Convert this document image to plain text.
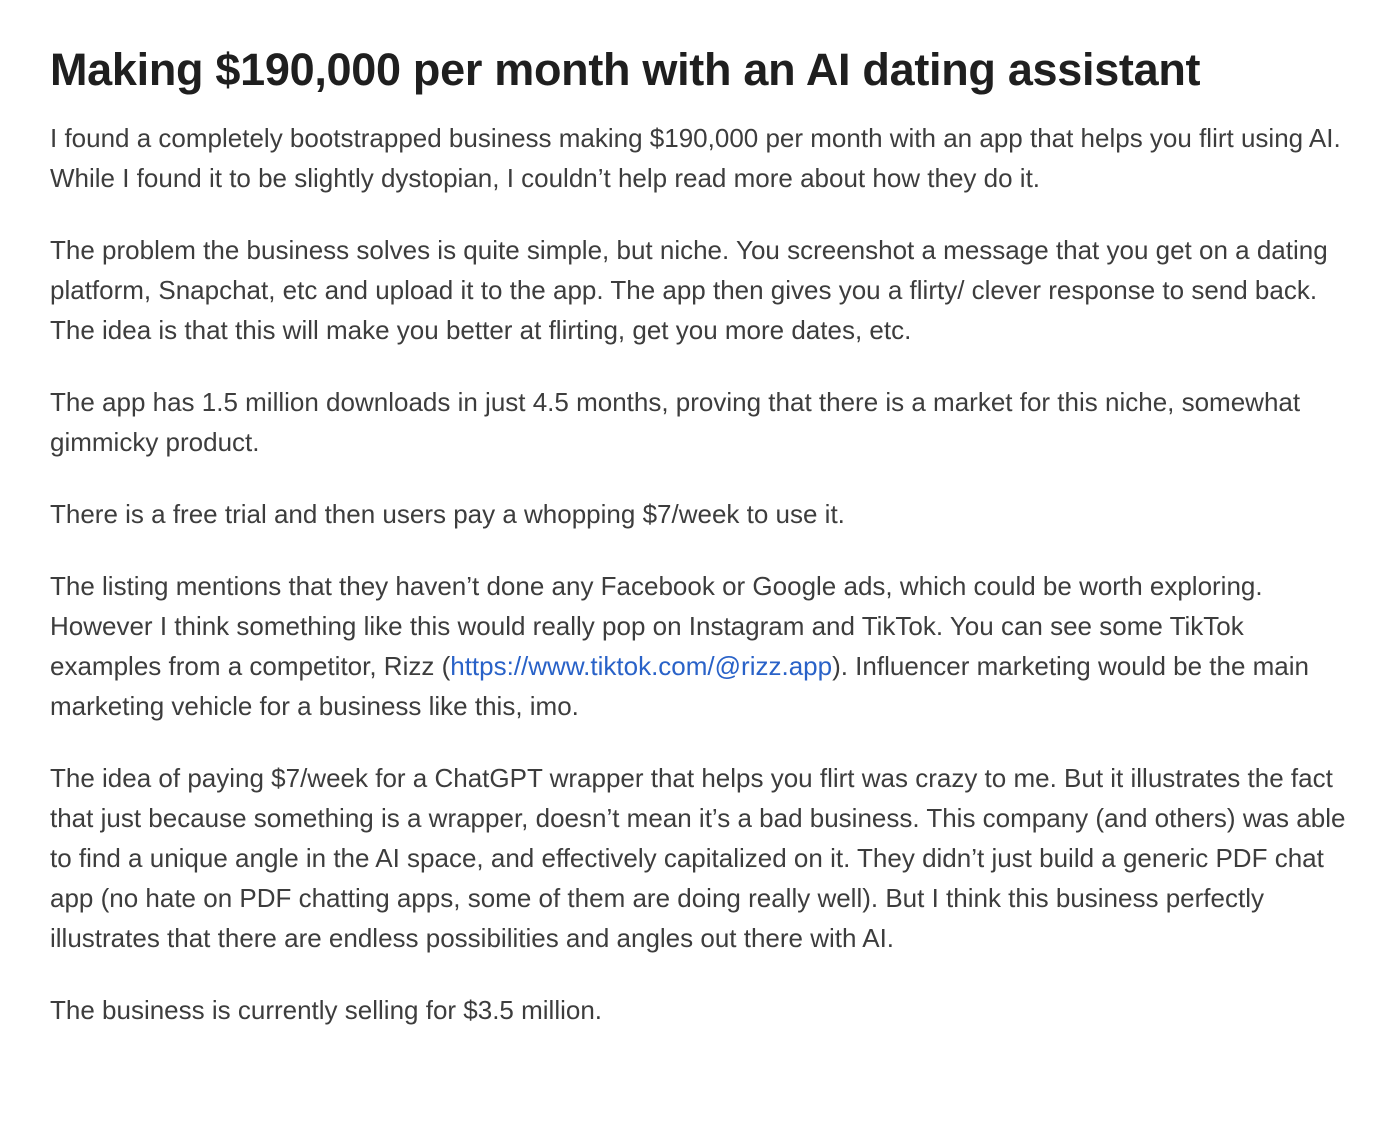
Making $190,000 per month with an AI dating assistant

I found a completely bootstrapped business making $190,000 per month with an app that helps you flirt using AI. While I found it to be slightly dystopian, I couldn’t help read more about how they do it.

The problem the business solves is quite simple, but niche. You screenshot a message that you get on a dating platform, Snapchat, etc and upload it to the app. The app then gives you a flirty/ clever response to send back. The idea is that this will make you better at flirting, get you more dates, etc.

The app has 1.5 million downloads in just 4.5 months, proving that there is a market for this niche, somewhat gimmicky product.

There is a free trial and then users pay a whopping $7/week to use it.

The listing mentions that they haven’t done any Facebook or Google ads, which could be worth exploring. However I think something like this would really pop on Instagram and TikTok. You can see some TikTok examples from a competitor, Rizz (https://www.tiktok.com/@rizz.app). Influencer marketing would be the main marketing vehicle for a business like this, imo.

The idea of paying $7/week for a ChatGPT wrapper that helps you flirt was crazy to me. But it illustrates the fact that just because something is a wrapper, doesn’t mean it’s a bad business. This company (and others) was able to find a unique angle in the AI space, and effectively capitalized on it. They didn’t just build a generic PDF chat app (no hate on PDF chatting apps, some of them are doing really well). But I think this business perfectly illustrates that there are endless possibilities and angles out there with AI.

The business is currently selling for $3.5 million.
